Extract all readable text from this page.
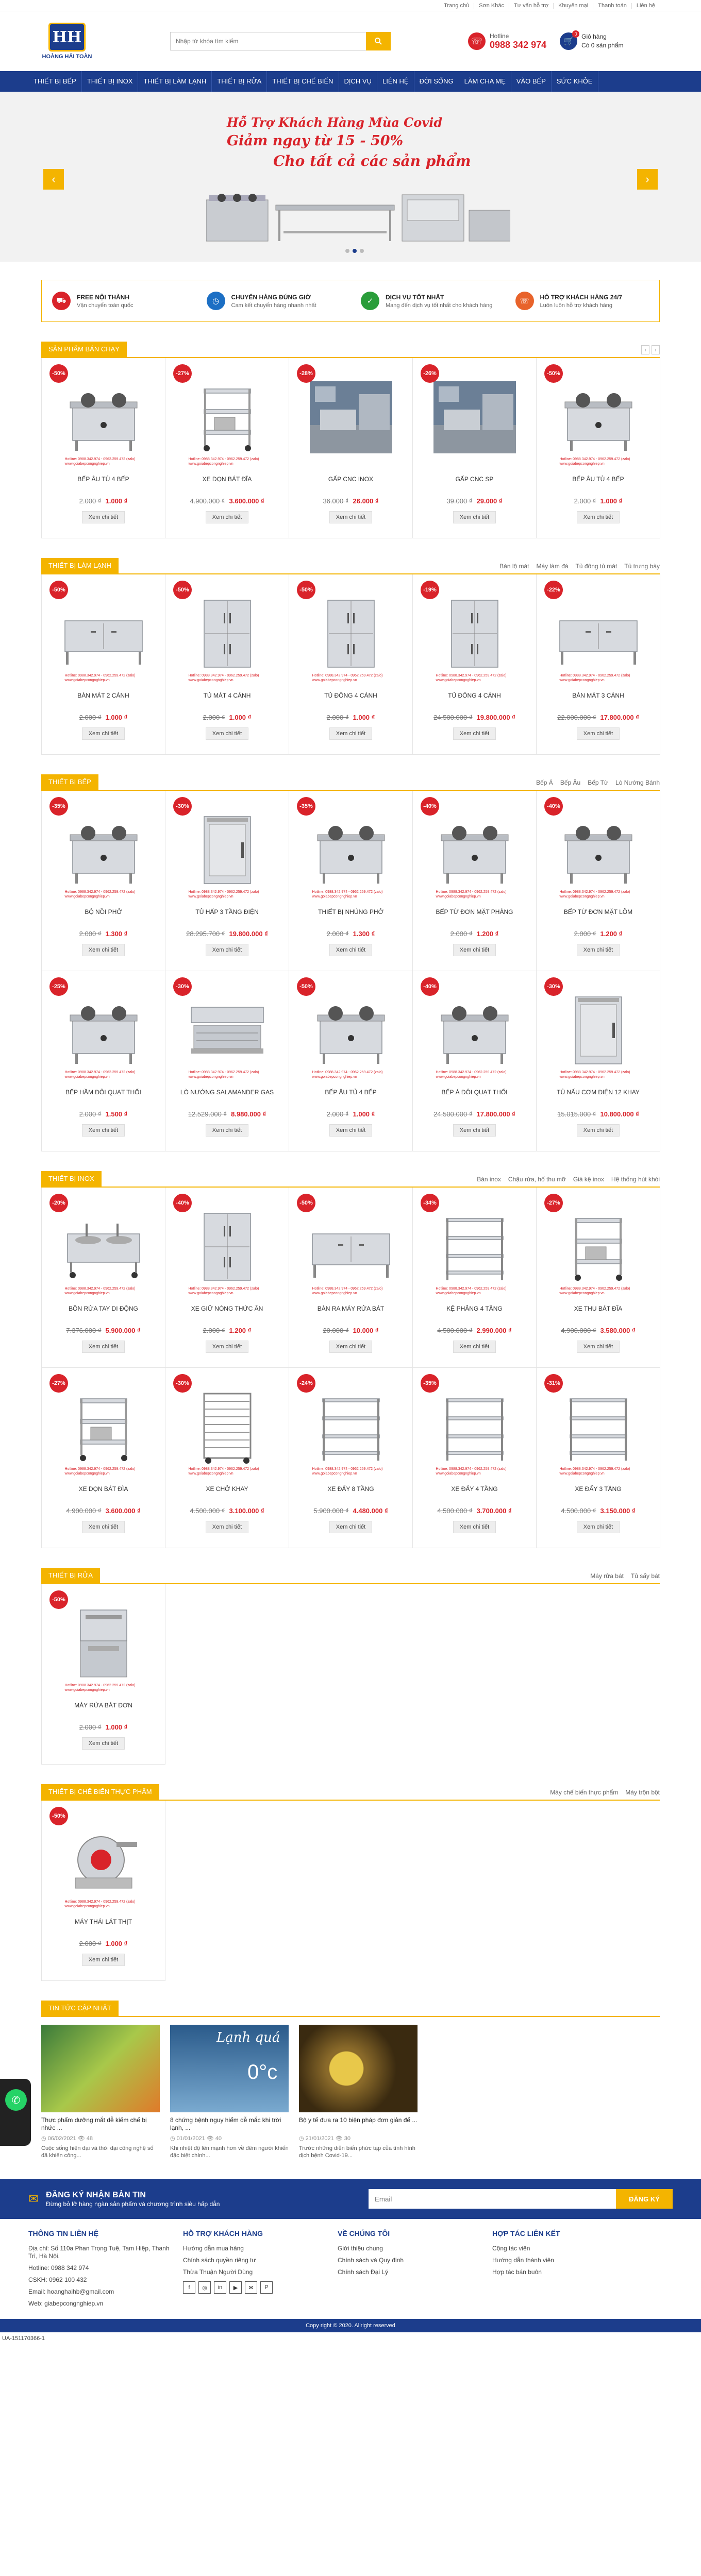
Trang chủ	Sơn Khác	Tư vấn hỗ trợ	Khuyến mại	Thanh toán	Liên hệ
HH
HOÀNG HẢI TOÀN
Nhập từ khóa tìm kiếm
☏	Hotline
0988 342 974	🛒
0 Giỏ hàng
Có 0 sản phẩm
THIẾT BỊ BẾP	THIẾT BỊ INOX	THIẾT BỊ LÀM LẠNH	THIẾT BỊ RỬA	THIẾT BỊ CHẾ BIẾN	DỊCH VỤ	LIÊN HỆ	ĐỜI SỐNG	LÀM CHA MẸ	VÀO BẾP	SỨC KHỎE
Hỗ Trợ Khách Hàng Mùa Covid
Giảm ngay từ 15 - 50%
Cho tất cả các sản phẩm
‹	›
⛟	FREE NỘI THÀNH
Vận chuyển toàn quốc	◷	CHUYỂN HÀNG ĐÚNG GIỜ
Cam kết chuyển hàng nhanh nhất	✓	DỊCH VỤ TỐT NHẤT
Mang đến dịch vụ tốt nhất cho khách hàng	☏	HỖ TRỢ KHÁCH HÀNG 24/7
Luôn luôn hỗ trợ khách hàng
SẢN PHẨM BÁN CHẠY	‹	›
-50%
Hotline: 0988.342.974 - 0962.259.472 (zalo)
www.goiabepcongnghiep.vn
BẾP ÂU TỦ 4 BẾP
2.000 ₫ 1.000 ₫
Xem chi tiết
-27%
Hotline: 0988.342.974 - 0962.259.472 (zalo)
www.goiabepcongnghiep.vn
XE DỌN BÁT ĐĨA
4.900.000 ₫ 3.600.000 ₫
Xem chi tiết
-28%
GẤP CNC INOX
36.000 ₫ 26.000 ₫
Xem chi tiết
-26%
GẤP CNC SP
39.000 ₫ 29.000 ₫
Xem chi tiết
-50%
Hotline: 0988.342.974 - 0962.259.472 (zalo)
www.goiabepcongnghiep.vn
BẾP ÂU TỦ 4 BẾP
2.000 ₫ 1.000 ₫
Xem chi tiết
THIẾT BỊ LÀM LẠNH	Bàn lộ mát Máy làm đá Tủ đông tủ mát Tủ trưng bày
-50%
Hotline: 0988.342.974 - 0962.259.472 (zalo)
www.goiabepcongnghiep.vn
BÀN MÁT 2 CÁNH
2.000 ₫ 1.000 ₫
Xem chi tiết
-50%
Hotline: 0988.342.974 - 0962.259.472 (zalo)
www.goiabepcongnghiep.vn
TỦ MÁT 4 CÁNH
2.000 ₫ 1.000 ₫
Xem chi tiết
-50%
Hotline: 0988.342.974 - 0962.259.472 (zalo)
www.goiabepcongnghiep.vn
TỦ ĐÔNG 4 CÁNH
2.000 ₫ 1.000 ₫
Xem chi tiết
-19%
Hotline: 0988.342.974 - 0962.259.472 (zalo)
www.goiabepcongnghiep.vn
TỦ ĐÔNG 4 CÁNH
24.500.000 ₫ 19.800.000 ₫
Xem chi tiết
-22%
Hotline: 0988.342.974 - 0962.259.472 (zalo)
www.goiabepcongnghiep.vn
BÀN MÁT 3 CÁNH
22.000.000 ₫ 17.800.000 ₫
Xem chi tiết
THIẾT BỊ BẾP	Bếp Á Bếp Âu Bếp Từ Lò Nướng Bánh
-35%
Hotline: 0988.342.974 - 0962.259.472 (zalo)
www.goiabepcongnghiep.vn
BỘ NỒI PHỞ
2.000 ₫ 1.300 ₫
Xem chi tiết
-30%
Hotline: 0988.342.974 - 0962.259.472 (zalo)
www.goiabepcongnghiep.vn
TỦ HẤP 3 TẦNG ĐIỆN
28.295.700 ₫ 19.800.000 ₫
Xem chi tiết
-35%
Hotline: 0988.342.974 - 0962.259.472 (zalo)
www.goiabepcongnghiep.vn
THIẾT BỊ NHÚNG PHỞ
2.000 ₫ 1.300 ₫
Xem chi tiết
-40%
Hotline: 0988.342.974 - 0962.259.472 (zalo)
www.goiabepcongnghiep.vn
BẾP TỪ ĐƠN MẶT PHẲNG
2.000 ₫ 1.200 ₫
Xem chi tiết
-40%
Hotline: 0988.342.974 - 0962.259.472 (zalo)
www.goiabepcongnghiep.vn
BẾP TỪ ĐƠN MẶT LÕM
2.000 ₫ 1.200 ₫
Xem chi tiết
-25%
Hotline: 0988.342.974 - 0962.259.472 (zalo)
www.goiabepcongnghiep.vn
BẾP HẦM ĐÔI QUẠT THỔI
2.000 ₫ 1.500 ₫
Xem chi tiết
-30%
Hotline: 0988.342.974 - 0962.259.472 (zalo)
www.goiabepcongnghiep.vn
LÒ NƯỚNG SALAMANDER GAS
12.529.000 ₫ 8.980.000 ₫
Xem chi tiết
-50%
Hotline: 0988.342.974 - 0962.259.472 (zalo)
www.goiabepcongnghiep.vn
BẾP ÂU TỦ 4 BẾP
2.000 ₫ 1.000 ₫
Xem chi tiết
-40%
Hotline: 0988.342.974 - 0962.259.472 (zalo)
www.goiabepcongnghiep.vn
BẾP Á ĐÔI QUẠT THỔI
24.500.000 ₫ 17.800.000 ₫
Xem chi tiết
-30%
Hotline: 0988.342.974 - 0962.259.472 (zalo)
www.goiabepcongnghiep.vn
TỦ NẤU CƠM ĐIỆN 12 KHAY
15.015.000 ₫ 10.800.000 ₫
Xem chi tiết
THIẾT BỊ INOX	Bàn inox Chậu rửa, hố thu mỡ Giá kệ inox Hệ thống hút khói
-20%
Hotline: 0988.342.974 - 0962.259.472 (zalo)
www.goiabepcongnghiep.vn
BỒN RỬA TAY DI ĐỘNG
7.376.000 ₫ 5.900.000 ₫
Xem chi tiết
-40%
Hotline: 0988.342.974 - 0962.259.472 (zalo)
www.goiabepcongnghiep.vn
XE GIỮ NÓNG THỨC ĂN
2.000 ₫ 1.200 ₫
Xem chi tiết
-50%
Hotline: 0988.342.974 - 0962.259.472 (zalo)
www.goiabepcongnghiep.vn
BÀN RA MÁY RỬA BÁT
20.000 ₫ 10.000 ₫
Xem chi tiết
-34%
Hotline: 0988.342.974 - 0962.259.472 (zalo)
www.goiabepcongnghiep.vn
KỆ PHẲNG 4 TẦNG
4.500.000 ₫ 2.990.000 ₫
Xem chi tiết
-27%
Hotline: 0988.342.974 - 0962.259.472 (zalo)
www.goiabepcongnghiep.vn
XE THU BÁT ĐĨA
4.900.000 ₫ 3.580.000 ₫
Xem chi tiết
-27%
Hotline: 0988.342.974 - 0962.259.472 (zalo)
www.goiabepcongnghiep.vn
XE DỌN BÁT ĐĨA
4.900.000 ₫ 3.600.000 ₫
Xem chi tiết
-30%
Hotline: 0988.342.974 - 0962.259.472 (zalo)
www.goiabepcongnghiep.vn
XE CHỞ KHAY
4.500.000 ₫ 3.100.000 ₫
Xem chi tiết
-24%
Hotline: 0988.342.974 - 0962.259.472 (zalo)
www.goiabepcongnghiep.vn
XE ĐẨY 8 TẦNG
5.900.000 ₫ 4.480.000 ₫
Xem chi tiết
-35%
Hotline: 0988.342.974 - 0962.259.472 (zalo)
www.goiabepcongnghiep.vn
XE ĐẨY 4 TẦNG
4.500.000 ₫ 3.700.000 ₫
Xem chi tiết
-31%
Hotline: 0988.342.974 - 0962.259.472 (zalo)
www.goiabepcongnghiep.vn
XE ĐẨY 3 TẦNG
4.500.000 ₫ 3.150.000 ₫
Xem chi tiết
THIẾT BỊ RỬA	Máy rửa bát Tủ sấy bát
-50%
Hotline: 0988.342.974 - 0962.259.472 (zalo)
www.goiabepcongnghiep.vn
MÁY RỬA BÁT ĐƠN
2.000 ₫ 1.000 ₫
Xem chi tiết
THIẾT BỊ CHẾ BIẾN THỰC PHẨM	Máy chế biến thực phẩm Máy trộn bột
-50%
Hotline: 0988.342.974 - 0962.259.472 (zalo)
www.goiabepcongnghiep.vn
MÁY THÁI LÁT THỊT
2.000 ₫ 1.000 ₫
Xem chi tiết
TIN TỨC CẬP NHẬT
Thực phẩm dưỡng mắt dễ kiếm chế bị nhức ...
◷ 06/02/2021 👁 48
Cuộc sống hiện đại và thời đại công nghệ số đã khiến công...
Lạnh quá
0°c
8 chứng bệnh nguy hiểm dễ mắc khi trời lạnh, ...
◷ 01/01/2021 👁 40
Khi nhiệt độ lên mạnh hơn về đêm người khiến đặc biệt chính...
Bộ y tế đưa ra 10 biện pháp đơn giản để ...
◷ 21/01/2021 👁 30
Trước những diễn biến phức tạp của tình hình dịch bệnh Covid-19...
✉ ĐĂNG KÝ NHẬN BẢN TIN
Đừng bỏ lỡ hàng ngàn sản phẩm và chương trình siêu hấp dẫn
Email
ĐĂNG KÝ
THÔNG TIN LIÊN HỆ
Địa chỉ: Số 110a Phan Trọng Tuệ, Tam Hiệp, Thanh Trì, Hà Nội.
Hotline: 0988 342 974
CSKH: 0962 100 432
Email: hoanghaihb@gmail.com
Web: giabepcongnghiep.vn
HỖ TRỢ KHÁCH HÀNG
Hướng dẫn mua hàng
Chính sách quyền riêng tư
Thừa Thuận Người Dùng
f	◎	in	▶	✉	P
VỀ CHÚNG TÔI
Giới thiệu chung
Chính sách và Quy định
Chính sách Đại Lý
HỢP TÁC LIÊN KẾT
Cộng tác viên
Hướng dẫn thành viên
Hợp tác bán buôn
Copy right © 2020. Allright reserved
UA-151170366-1
✆
